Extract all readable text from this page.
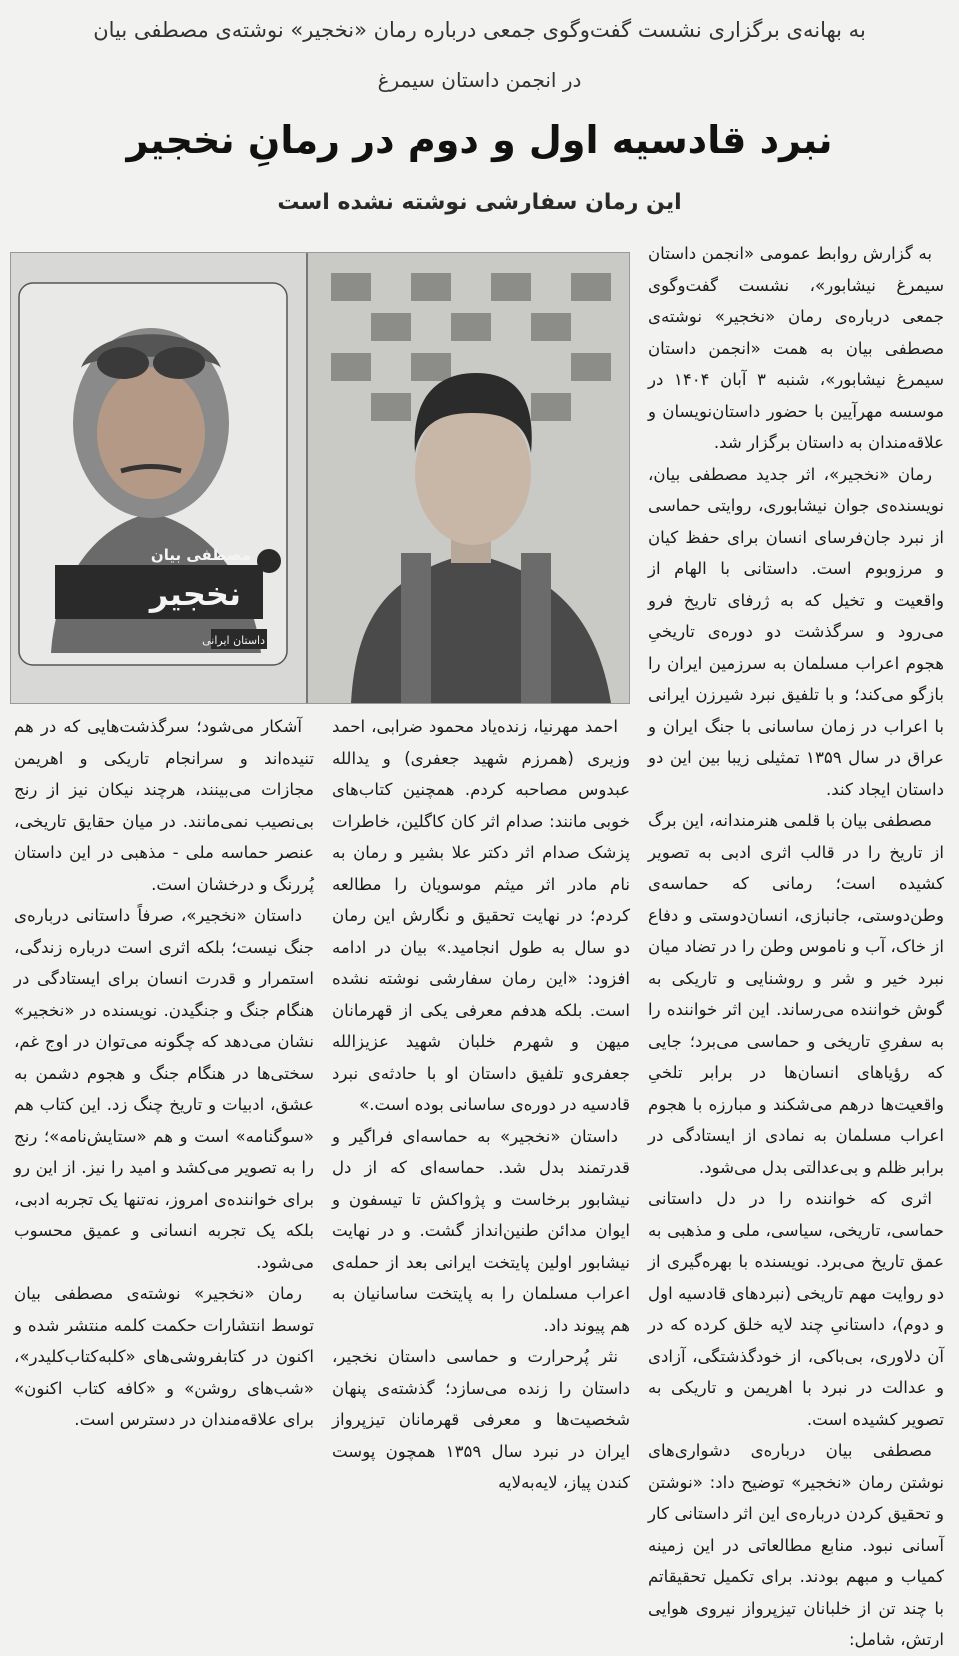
به بهانه‌ی برگزاری نشست گفت‌وگوی جمعی درباره رمان «نخجیر» نوشته‌ی مصطفی بیان
در انجمن داستان سیمرغ
نبرد قادسیه اول و دوم در رمانِ نخجیر
این رمان سفارشی نوشته نشده است

به گزارش روابط عمومی «انجمن داستان سیمرغ نیشابور»، نشست گفت‌وگوی جمعی درباره‌ی رمان «نخجیر» نوشته‌ی مصطفی بیان به همت «انجمن داستان سیمرغ نیشابور»، شنبه ۳ آبان ۱۴۰۴ در موسسه مهرآیین با حضور داستان‌نویسان و علاقه‌مندان به داستان برگزار شد.

رمان «نخجیر»، اثر جدید مصطفی بیان، نویسنده‌ی جوان نیشابوری، روایتی حماسی از نبرد جان‌فرسای انسان برای حفظ کیان و مرزوبوم است. داستانی با الهام از واقعیت و تخیل که به ژرفای تاریخ فرو می‌رود و سرگذشت دو دوره‌ی تاریخیِ هجوم اعراب مسلمان به سرزمین ایران را بازگو می‌کند؛ و با تلفیق نبرد شیرزن ایرانی با اعراب در زمان ساسانی با جنگ ایران و عراق در سال ۱۳۵۹ تمثیلی زیبا بین این دو داستان ایجاد کند.

مصطفی بیان با قلمی هنرمندانه، این برگ از تاریخ را در قالب اثری ادبی به تصویر کشیده است؛ رمانی که حماسه‌ی وطن‌دوستی، جانبازی، انسان‌دوستی و دفاع از خاک، آب و ناموس وطن را در تضاد میان نبرد خیر و شر و روشنایی و تاریکی به گوش خواننده می‌رساند. این اثر خواننده را به سفریِ تاریخی و حماسی می‌برد؛ جایی که رؤیاهای انسان‌ها در برابر تلخیِ واقعیت‌ها درهم می‌شکند و مبارزه با هجوم اعراب مسلمان به نمادی از ایستادگی در برابر ظلم و بی‌عدالتی بدل می‌شود.

اثری که خواننده را در دل داستانی حماسی، تاریخی، سیاسی، ملی و مذهبی به عمق تاریخ می‌برد. نویسنده با بهره‌گیری از دو روایت مهم تاریخی (نبردهای قادسیه اول و دوم)، داستانیِ چند لایه خلق کرده که در آن دلاوری، بی‌باکی، از خودگذشتگی، آزادی و عدالت در نبرد با اهریمن و تاریکی به تصویر کشیده است.

مصطفی بیان درباره‌ی دشواری‌های نوشتن رمان «نخجیر» توضیح داد: «نوشتن و تحقیق کردن درباره‌ی این اثر داستانی کار آسانی نبود. منابع مطالعاتی در این زمینه کمیاب و مبهم بودند. برای تکمیل تحقیقاتم با چند تن از خلبانان تیزپرواز نیروی هوایی ارتش، شامل:

مصطفی بیان
نخجیر
داستان ایرانی

احمد مهرنیا، زنده‌یاد محمود ضرابی، احمد وزیری (همرزم شهید جعفری) و یدالله عبدوس مصاحبه کردم. همچنین کتاب‌های خوبی مانند: صدام اثر کان کاگلین، خاطرات پزشک صدام اثر دکتر علا بشیر و رمان به نام مادر اثر میثم موسویان را مطالعه کردم؛ در نهایت تحقیق و نگارش این رمان دو سال به طول انجامید.» بیان در ادامه افزود: «این رمان سفارشی نوشته نشده است. بلکه هدفم معرفی یکی از قهرمانان میهن و شهرم خلبان شهید عزیزالله جعفری‌و تلفیق داستان او با حادثه‌ی نبرد قادسیه در دوره‌ی ساسانی بوده است.»

داستان «نخجیر» به حماسه‌ای فراگیر و قدرتمند بدل شد. حماسه‌ای که از دل نیشابور برخاست و پژواکش تا تیسفون و ایوان مدائن طنین‌انداز گشت. و در نهایت نیشابور اولین پایتخت ایرانی بعد از حمله‌ی اعراب مسلمان را به پایتخت ساسانیان به هم پیوند داد.

نثر پُرحرارت و حماسی داستان نخجیر، داستان را زنده می‌سازد؛ گذشته‌ی پنهان شخصیت‌ها و معرفی قهرمانان تیزپرواز ایران در نبرد سال ۱۳۵۹ همچون پوست کندن پیاز، لایه‌به‌لایه

آشکار می‌شود؛ سرگذشت‌هایی که در هم تنیده‌اند و سرانجام تاریکی و اهریمن مجازات می‌بینند، هرچند نیکان نیز از رنج بی‌نصیب نمی‌مانند. در میان حقایق تاریخی، عنصر حماسه ملی - مذهبی در این داستان پُررنگ و درخشان است.

داستان «نخجیر»، صرفاً داستانی درباره‌ی جنگ نیست؛ بلکه اثری است درباره زندگی، استمرار و قدرت انسان برای ایستادگی در هنگام جنگ و جنگیدن. نویسنده در «نخجیر» نشان می‌دهد که چگونه می‌توان در اوج غم، سختی‌ها در هنگام جنگ و هجوم دشمن به عشق، ادبیات و تاریخ چنگ زد. این کتاب هم «سوگنامه» است و هم «ستایش‌نامه»؛ رنج را به تصویر می‌کشد و امید را نیز. از این رو برای خواننده‌ی امروز، نه‌تنها یک تجربه ادبی، بلکه یک تجربه انسانی و عمیق محسوب می‌شود.

رمان «نخجیر» نوشته‌ی مصطفی بیان توسط انتشارات حکمت کلمه منتشر شده و اکنون در کتابفروشی‌های «کلبه‌کتاب‌کلیدر»، «شب‌های روشن» و «کافه کتاب اکنون» برای علاقه‌مندان در دسترس است.
